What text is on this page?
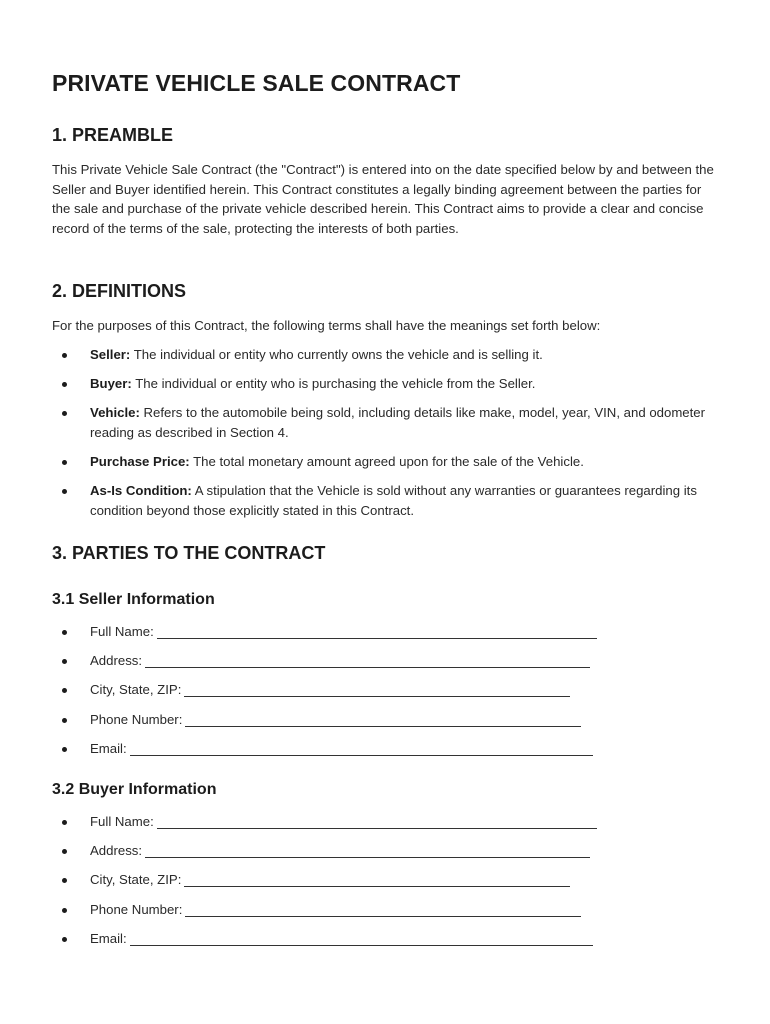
PRIVATE VEHICLE SALE CONTRACT
1. PREAMBLE

This Private Vehicle Sale Contract (the "Contract") is entered into on the date specified below by and between the Seller and Buyer identified herein. This Contract constitutes a legally binding agreement between the parties for the sale and purchase of the private vehicle described herein. This Contract aims to provide a clear and concise record of the terms of the sale, protecting the interests of both parties.

2. DEFINITIONS

For the purposes of this Contract, the following terms shall have the meanings set forth below:

Seller: The individual or entity who currently owns the vehicle and is selling it.
Buyer: The individual or entity who is purchasing the vehicle from the Seller.
Vehicle: Refers to the automobile being sold, including details like make, model, year, VIN, and odometer reading as described in Section 4.
Purchase Price: The total monetary amount agreed upon for the sale of the Vehicle.
As-Is Condition: A stipulation that the Vehicle is sold without any warranties or guarantees regarding its condition beyond those explicitly stated in this Contract.
3. PARTIES TO THE CONTRACT
3.1 Seller Information
Full Name:
Address:
City, State, ZIP:
Phone Number:
Email:
3.2 Buyer Information
Full Name:
Address:
City, State, ZIP:
Phone Number:
Email:
